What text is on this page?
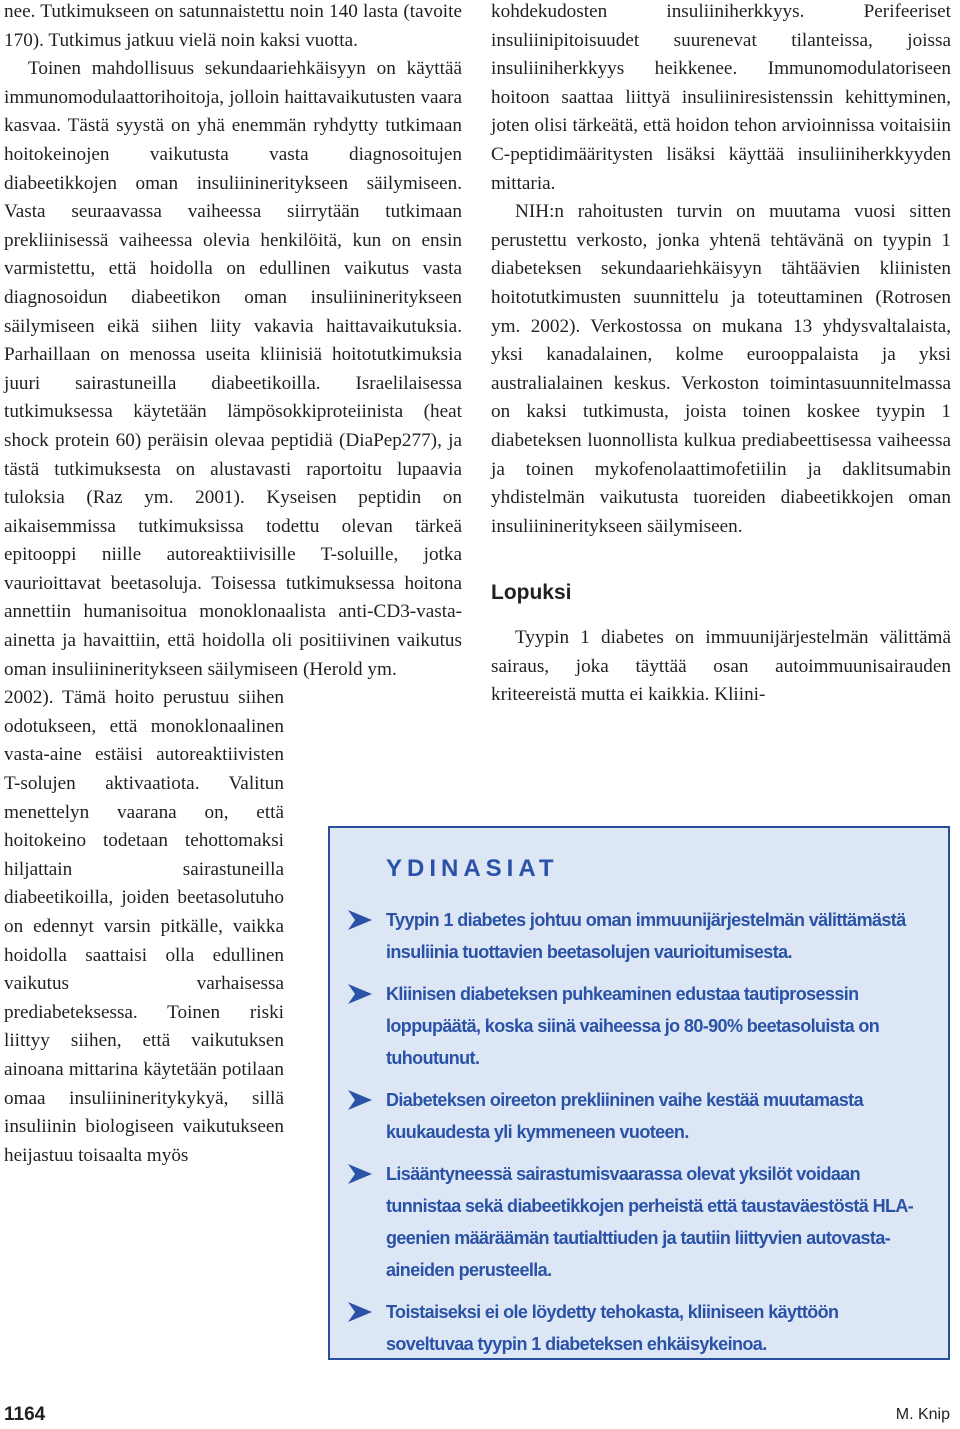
nee. Tutkimukseen on satunnaistettu noin 140 lasta (tavoite 170). Tutkimus jatkuu vielä noin kaksi vuotta.

Toinen mahdollisuus sekundaariehkäisyyn on käyttää immunomodulaattorihoitoja, jolloin haittavaikutusten vaara kasvaa. Tästä syystä on yhä enemmän ryhdytty tutkimaan hoitokeinojen vaikutusta vasta diagnosoitujen diabeetikkojen oman insuliinineritykseen säilymiseen. Vasta seuraavassa vaiheessa siirrytään tutkimaan prekliinisessä vaiheessa olevia henkilöitä, kun on ensin varmistettu, että hoidolla on edullinen vaikutus vasta diagnosoidun diabeetikon oman insuliinineritykseen säilymiseen eikä siihen liity vakavia haittavaikutuksia. Parhaillaan on menossa useita kliinisiä hoitotutkimuksia juuri sairastuneilla diabeetikoilla. Israelilaisessa tutkimuksessa käytetään lämpösokkiproteiinista (heat shock protein 60) peräisin olevaa peptidiä (DiaPep277), ja tästä tutkimuksesta on alustavasti raportoitu lupaavia tuloksia (Raz ym. 2001). Kyseisen peptidin on aikaisemmissa tutkimuksissa todettu olevan tärkeä epitooppi niille autoreaktiivisille T-soluille, jotka vaurioittavat beetasoluja. Toisessa tutkimuksessa hoitona annettiin humanisoitua monoklonaalista anti-CD3-vasta-ainetta ja havaittiin, että hoidolla oli positiivinen vaikutus oman insuliinineritykseen säilymiseen (Herold ym.

2002). Tämä hoito perustuu siihen odotukseen, että monoklonaalinen vasta-aine estäisi autoreaktiivisten T-solujen aktivaatiota. Valitun menettelyn vaarana on, että hoitokeino todetaan tehottomaksi hiljattain sairastuneilla diabeetikoilla, joiden beetasolutuho on edennyt varsin pitkälle, vaikka hoidolla saattaisi olla edullinen vaikutus varhaisessa prediabeteksessa. Toinen riski liittyy siihen, että vaikutuksen ainoana mittarina käytetään potilaan omaa insuliinineritykykyä, sillä insuliinin biologiseen vaikutukseen heijastuu toisaalta myös

kohdekudosten insuliiniherkkyys. Perifeeriset insuliinipitoisuudet suurenevat tilanteissa, joissa insuliiniherkkyys heikkenee. Immunomodulatoriseen hoitoon saattaa liittyä insuliiniresistenssin kehittyminen, joten olisi tärkeätä, että hoidon tehon arvioinnissa voitaisiin C-peptidimääritysten lisäksi käyttää insuliiniherkkyyden mittaria.

NIH:n rahoitusten turvin on muutama vuosi sitten perustettu verkosto, jonka yhtenä tehtävänä on tyypin 1 diabeteksen sekundaariehkäisyyn tähtäävien kliinisten hoitotutkimusten suunnittelu ja toteuttaminen (Rotrosen ym. 2002). Verkostossa on mukana 13 yhdysvaltalaista, yksi kanadalainen, kolme eurooppalaista ja yksi australialainen keskus. Verkoston toimintasuunnitelmassa on kaksi tutkimusta, joista toinen koskee tyypin 1 diabeteksen luonnollista kulkua prediabeettisessa vaiheessa ja toinen mykofenolaattimofetiilin ja daklitsumabin yhdistelmän vaikutusta tuoreiden diabeetikkojen oman insuliinineritykseen säilymiseen.

Lopuksi

Tyypin 1 diabetes on immuunijärjestelmän välittämä sairaus, joka täyttää osan autoimmuunisairauden kriteereistä mutta ei kaikkia. Kliini-

YDINASIAT
Tyypin 1 diabetes johtuu oman immuunijärjestelmän välittämästä insuliinia tuottavien beetasolujen vaurioitumisesta.
Kliinisen diabeteksen puhkeaminen edustaa tautiprosessin loppupäätä, koska siinä vaiheessa jo 80-90% beetasoluista on tuhoutunut.
Diabeteksen oireeton prekliininen vaihe kestää muutamasta kuukaudesta yli kymmeneen vuoteen.
Lisääntyneessä sairastumisvaarassa olevat yksilöt voidaan tunnistaa sekä diabeetikkojen perheistä että taustaväestöstä HLA-geenien määräämän tautialttiuden ja tautiin liittyvien autovasta-aineiden perusteella.
Toistaiseksi ei ole löydetty tehokasta, kliiniseen käyttöön soveltuvaa tyypin 1 diabeteksen ehkäisykeinoa.
1164	M. Knip
